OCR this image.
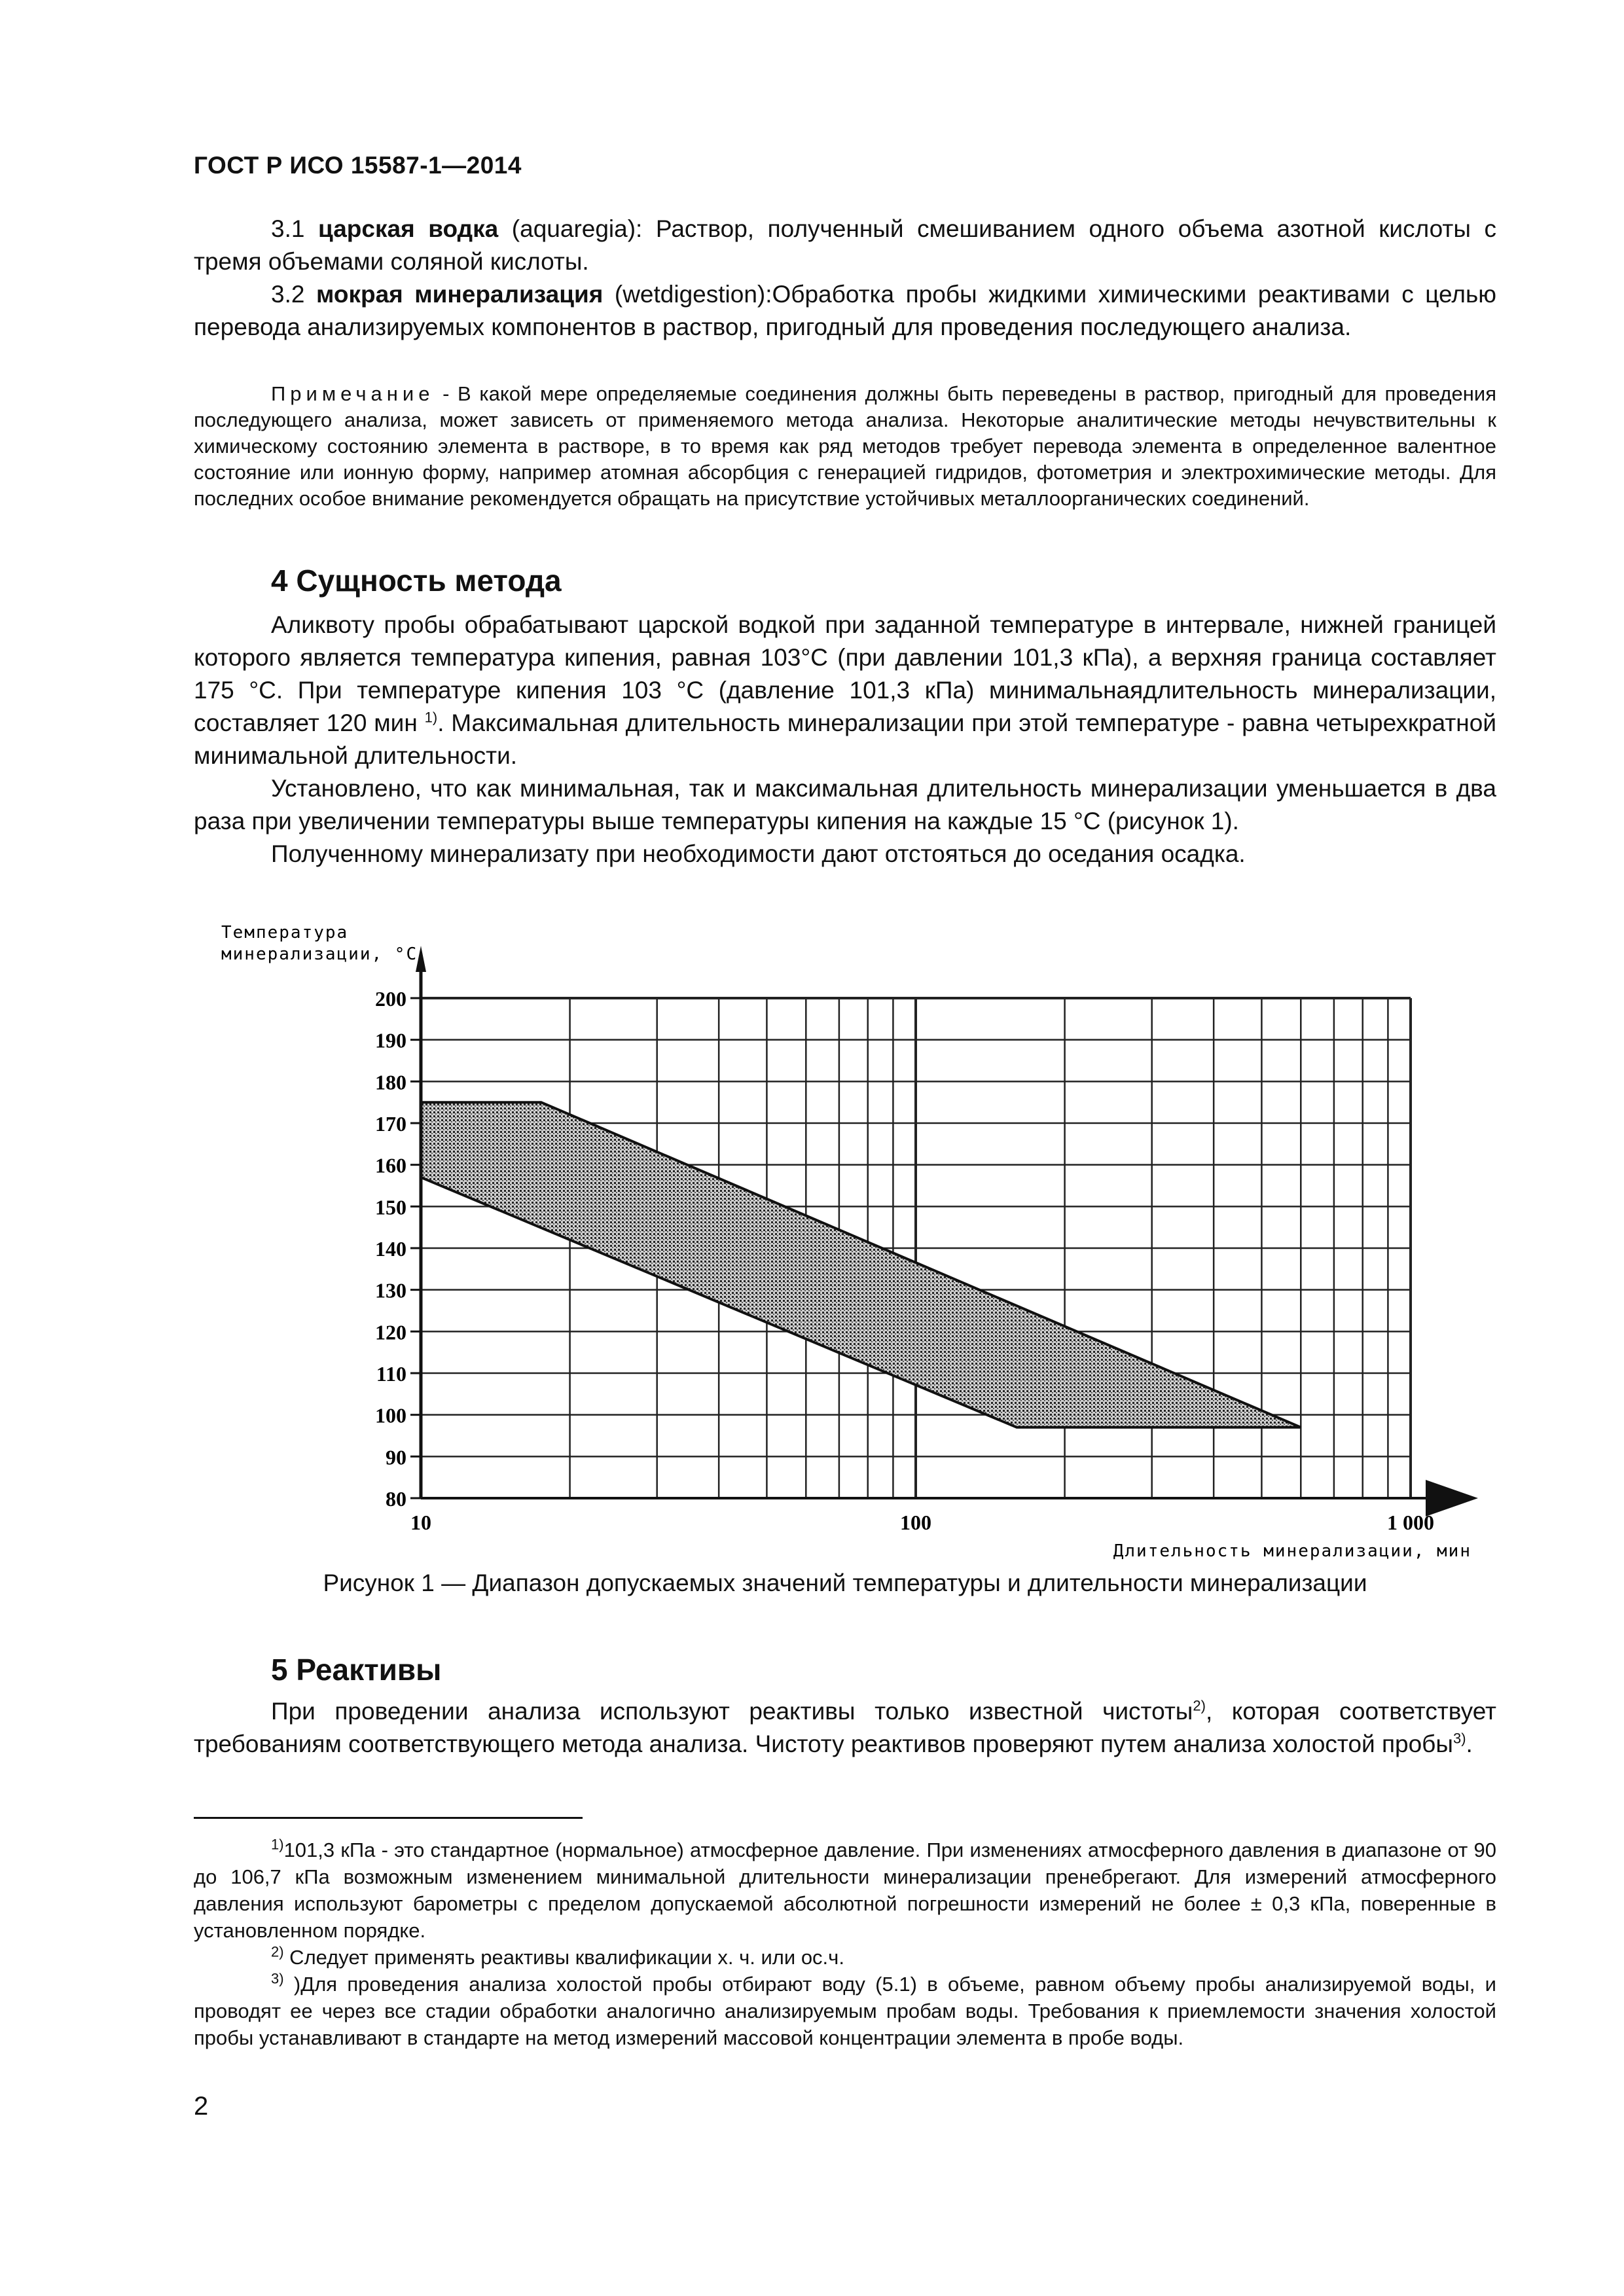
ГОСТ Р ИСО 15587-1—2014

3.1 царская водка (aquaregia): Раствор, полученный смешиванием одного объема азотной кислоты с тремя объемами соляной кислоты.

3.2 мокрая минерализация (wetdigestion):Обработка пробы жидкими химическими реактивами с целью перевода анализируемых компонентов в раствор, пригодный для проведения последующего анализа.

Примечание - В какой мере определяемые соединения должны быть переведены в раствор, пригодный для проведения последующего анализа, может зависеть от применяемого метода анализа. Некоторые аналитические методы нечувствительны к химическому состоянию элемента в растворе, в то время как ряд методов требует перевода элемента в определенное валентное состояние или ионную форму, например атомная абсорбция с генерацией гидридов, фотометрия и электрохимические методы. Для последних особое внимание рекомендуется обращать на присутствие устойчивых металлоорганических соединений.

4 Сущность метода

Аликвоту пробы обрабатывают царской водкой при заданной температуре в интервале, нижней границей которого является температура кипения, равная 103°С (при давлении 101,3 кПа), а верхняя граница составляет 175 °С. При температуре кипения 103 °С (давление 101,3 кПа) минимальнаядлительность минерализации, составляет 120 мин $^{1)}$. Максимальная длительность минерализации при этой температуре - равна четырехкратной минимальной длительности.

Установлено, что как минимальная, так и максимальная длительность минерализации уменьшается в два раза при увеличении температуры выше температуры кипения на каждые 15 °С (рисунок 1).

Полученному минерализату при необходимости дают отстояться до оседания осадка.

Температура
минерализации, °С
80
90
100
110
120
130
140
150
160
170
180
190
200
10	100	1 000
Длительность минерализации, мин
Рисунок 1 — Диапазон допускаемых значений температуры и длительности минерализации
5 Реактивы

При проведении анализа используют реактивы только известной чистоты$^{2)}$, которая соответствует требованиям соответствующего метода анализа. Чистоту реактивов проверяют путем анализа холостой пробы$^{3)}$.

$^{1)}$101,3 кПа - это стандартное (нормальное) атмосферное давление. При изменениях атмосферного давления в диапазоне от 90 до 106,7 кПа возможным изменением минимальной длительности минерализации пренебрегают. Для измерений атмосферного давления используют барометры с пределом допускаемой абсолютной погрешности измерений не более ± 0,3 кПа, поверенные в установленном порядке.

$^{2)}$ Следует применять реактивы квалификации х. ч. или ос.ч.

$^{3)}$ )Для проведения анализа холостой пробы отбирают воду (5.1) в объеме, равном объему пробы анализируемой воды, и проводят ее через все стадии обработки аналогично анализируемым пробам воды. Требования к приемлемости значения холостой пробы устанавливают в стандарте на метод измерений массовой концентрации элемента в пробе воды.

2
